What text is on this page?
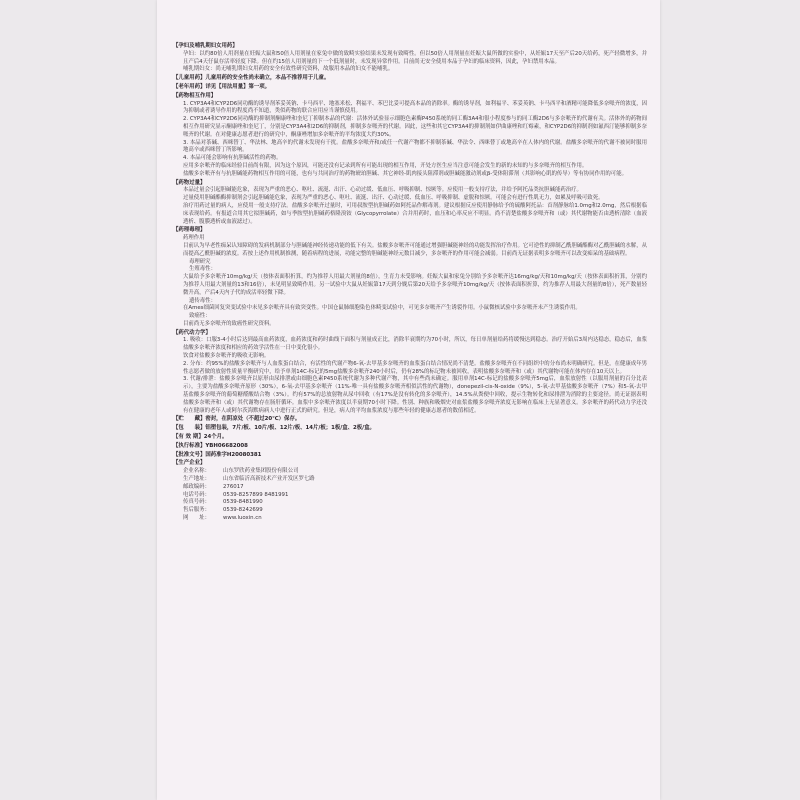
【孕妇及哺乳期妇女用药】
孕妇：以约80倍人用剂量在妊娠大鼠和50倍人用剂量在家兔中做的致畸实验结果未发现有致畸性。但以50倍人用剂量在妊娠大鼠所做的实验中，从妊娠17天至产后20天给药，死产轻微增多，并且产后4天仔鼠存活率轻度下降。但在约15倍人用剂量的下一个低剂量时，未发现异常作用。目前尚无安全使用本品于孕妇的临床资料，因此，孕妇禁用本品。
哺乳期妇女：尚无哺乳期妇女用药的安全有效性研究资料，故服用本品的妇女不能哺乳。
【儿童用药】儿童用药的安全性尚未确立，本品不推荐用于儿童。
【老年用药】详见【用法用量】第一项。
【药物相互作用】
1. CYP3A4和CYP2D6同功酶的诱导剂苯妥英钠、卡马西平、地塞米松、利福平、苯巴比妥可提高本品的消除率。酶的诱导剂，如利福平、苯妥英钠、卡马西平和酒精可能降低多奈哌齐的浓度，因为抑制或者诱导作用的程度尚不知道，类似药物的联合应用应当谨慎使用。
2. CYP3A4和CYP2D6同功酶的抑制剂酮康唑和奎尼丁抑制本品的代谢：活体外试验显示细胞色素酶P450系统的同工酶3A4和很小程度参与的同工酶2D6与多奈哌齐的代谢有关。活体外的药物间相互作用研究显示酮康唑和奎尼丁，分别是CYP3A4和2D6的抑制剂，抑制多奈哌齐的代谢。因此，这些和其它CYP3A4的抑制剂如伊曲康唑和红霉素，和CYP2D6的抑制剂如氟西汀能够抑制多奈哌齐的代谢。在对健康志愿者进行的研究中，酮康唑增加多奈哌齐的平均浓度大约30%。
3. 本品对茶碱、西咪替丁、华法林、地高辛的代谢未发现有干扰。盐酸多奈哌齐和/或任一代谢产物都不抑制茶碱、华法令、西咪替丁或地高辛在人体内的代谢。盐酸多奈哌齐的代谢不被同时服用地高辛或西咪替丁所影响。
4. 本品可能会影响有抗胆碱活性的药物。
应用多奈哌齐的临床经验目前尚有限，因为这个原因，可能还没有记录到所有可能出现的相互作用，开处方医生应当注意可能会发生的新的未知的与多奈哌齐的相互作用。
盐酸多奈哌齐有与抗胆碱能药物相互作用的可能，也有与共同治疗的药物琥珀胆碱、其它神经-肌肉接头阻滞剂或胆碱能激动剂或β-受体阻滞剂（其影响心肌的传导）等有协同作用的可能。
【药物过量】
本品过量会引起胆碱能危象，表现为严重的恶心、呕吐、流涎、出汗、心动过缓、低血压、呼吸抑制、惊厥等。应使用一般支持疗法，并给予阿托品类抗胆碱能药治疗。
过量使用胆碱酯酶抑制剂会引起胆碱能危象，表现为严重的恶心、呕吐、流涎、出汗、心动过缓、低血压、呼吸抑制、虚脱和惊厥。可能会有进行性肌无力，如累及呼吸可致死。
治疗用药过量的病人，应使用一般支持疗法。盐酸多奈哌齐过量时，可用叔胺型抗胆碱药如阿托品作解毒剂。建议根据反应使用静脉给予的硫酸阿托品：首剂静脉给1.0mg和2.0mg，然后根据临床表现给药。有报道合用其它拟胆碱药，如与季胺型抗胆碱药格隆溴铵（Glycopyrrolate）合并用药时，血压和心率反应不明显。尚不清楚盐酸多奈哌齐和（或）其代谢物能否由透析清除（血液透析、腹膜透析或血液滤过）。
【药理毒理】
药理作用
目前认为早老性痴呆认知障碍的发病机制部分与胆碱能神经传递功能的低下有关。盐酸多奈哌齐可能通过增强胆碱能神经的功能发挥治疗作用。它可逆性的抑制乙酰胆碱酯酶对乙酰胆碱的水解，从而提高乙酰胆碱的浓度。若按上述作用机制推测，随着病程的进展，功能完整的胆碱能神经元数目减少，多奈哌齐的作用可能会减弱。目前尚无证据表明多奈哌齐可以改变痴呆的基础病程。
毒理研究
生殖毒性：
大鼠给予多奈哌齐10mg/kg/天（按体表面积折算，约为推荐人用最大剂量的8倍），生育力未受影响。妊娠大鼠和家兔分别给予多奈哌齐达16mg/kg/天和10mg/kg/天（按体表面积折算，分别约为推荐人用最大剂量的13和16倍），未见明显致畸作用。另一试验中大鼠从妊娠第17天到分娩后第20天给予多奈哌齐10mg/kg/天（按体表面积折算，约为推荐人用最大剂量的8倍），死产数量轻微升高，产后4天内子代的成活率轻微下降。
遗传毒性：
在Ames细菌回复突变试验中未见多奈哌齐具有致突变性。中国仓鼠肺细胞染色体畸变试验中，可见多奈哌齐产生诱裂作用。小鼠微核试验中多奈哌齐未产生诱裂作用。
致癌性：
目前尚无多奈哌齐的致癌性研究资料。
【药代动力学】
1. 吸收：口服3-4小时后达到最高血药浓度，血药浓度和药时曲线下面积与剂量成正比，消除半衰期约为70小时，所以，每日单剂量给药将缓慢达到稳态。治疗开始后3周内达稳态，稳态后，血浆盐酸多奈哌齐浓度和相应的药效学活性在一日中变化很小。
饮食对盐酸多奈哌齐的吸收无影响。
2. 分布：约95%的盐酸多奈哌齐与人血浆蛋白结合，有活性的代谢产物6-氧-去甲基多奈哌齐的血浆蛋白结合情况尚不清楚。盐酸多奈哌齐在不同组织中的分布尚未明确研究。但是，在健康成年男性志愿者做的放射性质量平衡研究中，给予单剂14C-标记的5mg盐酸多奈哌齐240小时后，仍有28%的标记物未被回收，表明盐酸多奈哌齐和（或）其代谢物可能在体内存在10天以上。
3. 代谢/排泄：盐酸多奈哌齐以原形由尿排泄或由细胞色素P450系统代谢为多种代谢产物，其中有些尚未确定。服用单剂14C-标记的盐酸多奈哌齐5mg后，血浆放射性（以服用剂量的百分比表示），主要为盐酸多奈哌齐原形（30%），6-氧-去甲基多奈哌齐（11%-唯一具有盐酸多奈哌齐相似活性的代谢物），donepezil-cis-N-oxide（9%），5-氧-去甲基盐酸多奈哌齐（7%）和5-氧-去甲基盐酸多奈哌齐的葡萄糖醛酸结合物（3%）。约有57%的总放射物从尿中回收（有17%是没有转化的多奈哌齐），14.5%从粪便中回收，提示生物转化和尿排泄为消除的主要途径。尚无证据表明盐酸多奈哌齐和（或）其代谢物存在肠肝循环。血浆中多奈哌齐浓度以半衰期70小时下降。性别、种族和吸烟史对血浆盐酸多奈哌齐浓度无影响在临床上无显著意义。多奈哌齐的药代动力学还没有在健康的老年人或阿尔茨海默病病人中进行正式的研究。但是，病人的平均血浆浓度与那些年轻的健康志愿者的数值相近。
【贮　　藏】密封，在阴凉处（不超过20℃）保存。
【包　　装】铝塑包装，7片/板、10片/板、12片/板、14片/板；1板/盒、2板/盒。
【有 效 期】24个月。
【执行标准】YBH06682008
【批准文号】国药准字H20080381
【生产企业】
企业名称：	山东罗欣药业集团股份有限公司
生产地址：	山东省临沂高新技术产业开发区罗七路
邮政编码：	276017
电话号码：	0539-8257899 8481991
传真号码：	0539-8481990
售后服务：	0539-8242699
网　　址：	www.luoxin.cn
